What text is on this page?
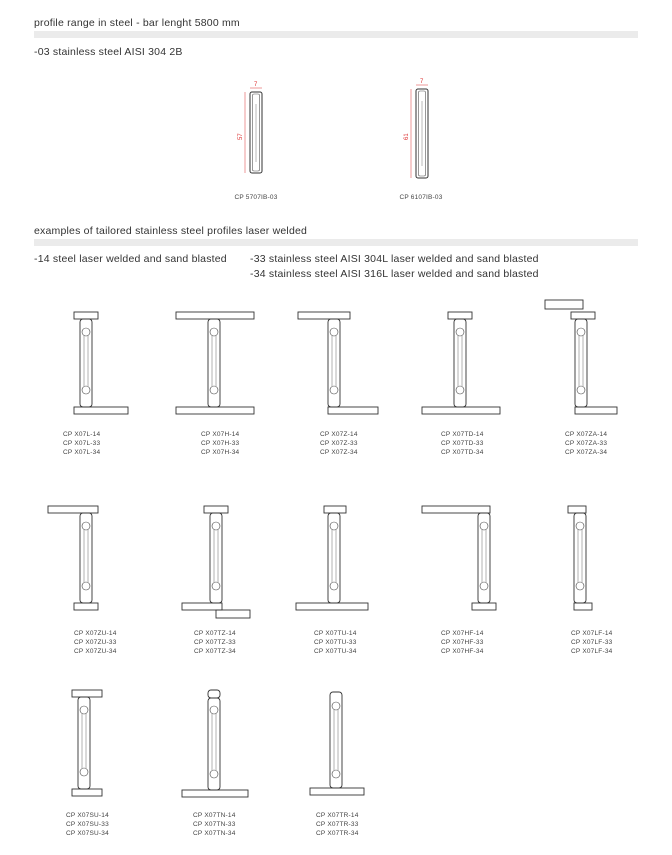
profile range in steel - bar lenght 5800 mm
-03 stainless steel AISI 304 2B
7
57
CP 5707IB-03
7
61
CP 6107IB-03
examples of tailored stainless steel profiles laser welded
-14 steel laser welded and sand blasted -33 stainless steel AISI 304L laser welded and sand blasted
-34 stainless steel AISI 316L laser welded and sand blasted
CP X07L-14
CP X07L-33
CP X07L-34
CP X07H-14
CP X07H-33
CP X07H-34
CP X07Z-14
CP X07Z-33
CP X07Z-34
CP X07TD-14
CP X07TD-33
CP X07TD-34
CP X07ZA-14
CP X07ZA-33
CP X07ZA-34
CP X07ZU-14
CP X07ZU-33
CP X07ZU-34
CP X07TZ-14
CP X07TZ-33
CP X07TZ-34
CP X07TU-14
CP X07TU-33
CP X07TU-34
CP X07HF-14
CP X07HF-33
CP X07HF-34
CP X07LF-14
CP X07LF-33
CP X07LF-34
CP X07SU-14
CP X07SU-33
CP X07SU-34
CP X07TN-14
CP X07TN-33
CP X07TN-34
CP X07TR-14
CP X07TR-33
CP X07TR-34
